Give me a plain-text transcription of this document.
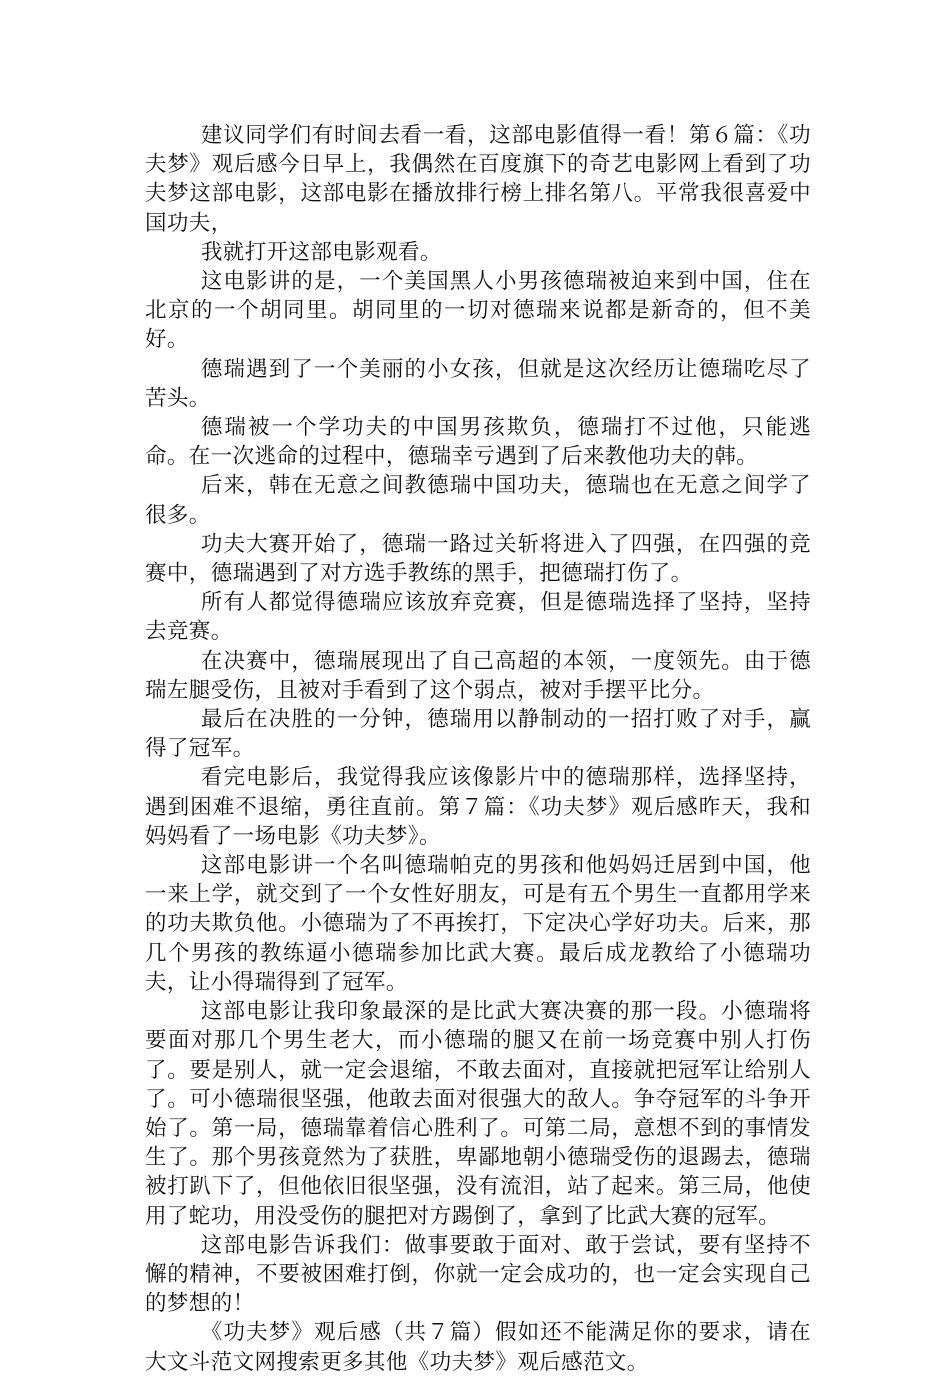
建议同学们有时间去看一看，这部电影值得一看！第６篇：《功夫梦》观后感今日早上，我偶然在百度旗下的奇艺电影网上看到了功夫梦这部电影，这部电影在播放排行榜上排名第八。平常我很喜爱中国功夫，

我就打开这部电影观看。

这电影讲的是，一个美国黑人小男孩德瑞被迫来到中国，住在北京的一个胡同里。胡同里的一切对德瑞来说都是新奇的，但不美好。

德瑞遇到了一个美丽的小女孩，但就是这次经历让德瑞吃尽了苦头。

德瑞被一个学功夫的中国男孩欺负，德瑞打不过他，只能逃命。在一次逃命的过程中，德瑞幸亏遇到了后来教他功夫的韩。

后来，韩在无意之间教德瑞中国功夫，德瑞也在无意之间学了很多。

功夫大赛开始了，德瑞一路过关斩将进入了四强，在四强的竞赛中，德瑞遇到了对方选手教练的黑手，把德瑞打伤了。

所有人都觉得德瑞应该放弃竞赛，但是德瑞选择了坚持，坚持去竞赛。

在决赛中，德瑞展现出了自己高超的本领，一度领先。由于德瑞左腿受伤，且被对手看到了这个弱点，被对手摆平比分。

最后在决胜的一分钟，德瑞用以静制动的一招打败了对手，赢得了冠军。

看完电影后，我觉得我应该像影片中的德瑞那样，选择坚持，遇到困难不退缩，勇往直前。第７篇：《功夫梦》观后感昨天，我和妈妈看了一场电影《功夫梦》。

这部电影讲一个名叫德瑞帕克的男孩和他妈妈迁居到中国，他一来上学，就交到了一个女性好朋友，可是有五个男生一直都用学来的功夫欺负他。小德瑞为了不再挨打，下定决心学好功夫。后来，那几个男孩的教练逼小德瑞参加比武大赛。最后成龙教给了小德瑞功夫，让小得瑞得到了冠军。

这部电影让我印象最深的是比武大赛决赛的那一段。小德瑞将要面对那几个男生老大，而小德瑞的腿又在前一场竞赛中别人打伤了。要是别人，就一定会退缩，不敢去面对，直接就把冠军让给别人了。可小德瑞很坚强，他敢去面对很强大的敌人。争夺冠军的斗争开始了。第一局，德瑞靠着信心胜利了。可第二局，意想不到的事情发生了。那个男孩竟然为了获胜，卑鄙地朝小德瑞受伤的退踢去，德瑞被打趴下了，但他依旧很坚强，没有流泪，站了起来。第三局，他使用了蛇功，用没受伤的腿把对方踢倒了，拿到了比武大赛的冠军。

这部电影告诉我们：做事要敢于面对、敢于尝试，要有坚持不懈的精神，不要被困难打倒，你就一定会成功的，也一定会实现自己的梦想的！

《功夫梦》观后感（共７篇）假如还不能满足你的要求，请在大文斗范文网搜索更多其他《功夫梦》观后感范文。
